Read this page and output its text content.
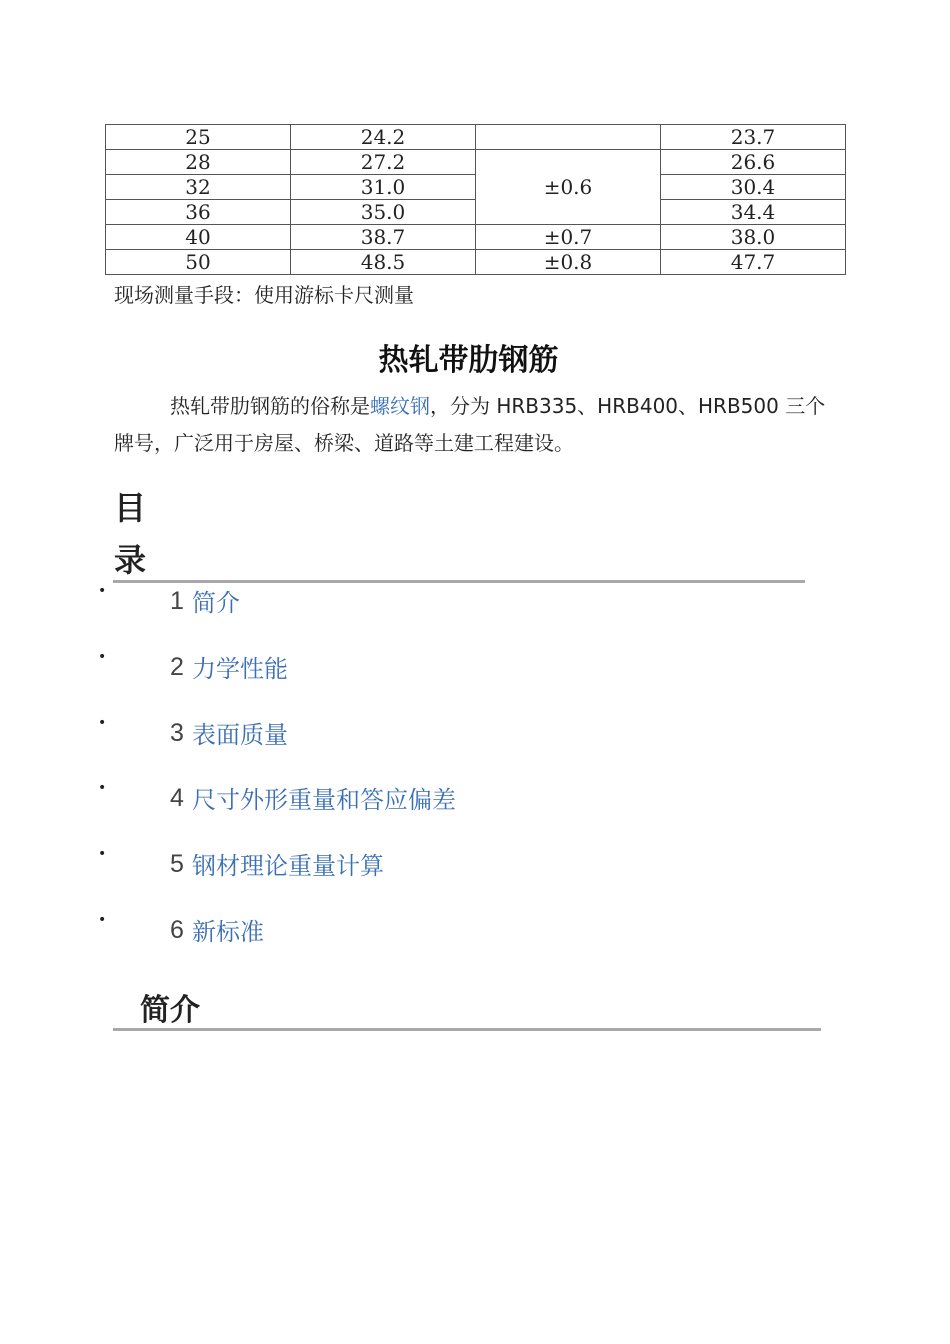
25	24.2		23.7
28	27.2	±0.6	26.6
32	31.0		30.4
36	35.0		34.4
40	38.7	±0.7	38.0
50	48.5	±0.8	47.7
现场测量手段：使用游标卡尺测量
热轧带肋钢筋

热轧带肋钢筋的俗称是螺纹钢，分为 HRB335、HRB400、HRB500 三个牌号，广泛用于房屋、桥梁、道路等土建工程建设。

目录
•	1 简介
•	2 力学性能
•	3 表面质量
•	4 尺寸外形重量和答应偏差
•	5 钢材理论重量计算
•	6 新标准
简介
